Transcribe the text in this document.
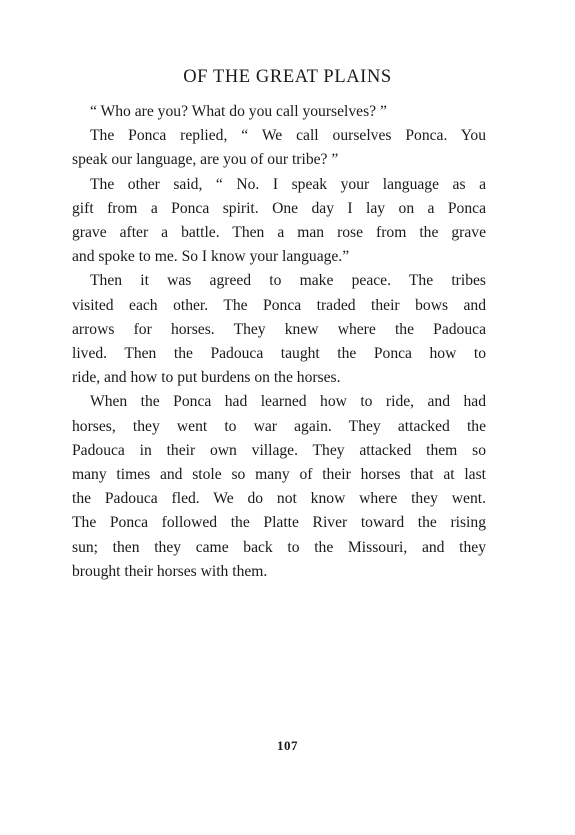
OF THE GREAT PLAINS

“ Who are you? What do you call yourselves? ”

The Ponca replied, “ We call ourselves Ponca. You
speak our language, are you of our tribe? ”

The other said, “ No. I speak your language as a
gift from a Ponca spirit. One day I lay on a Ponca
grave after a battle. Then a man rose from the grave
and spoke to me. So I know your language.”

Then it was agreed to make peace. The tribes
visited each other. The Ponca traded their bows and
arrows for horses. They knew where the Padouca
lived. Then the Padouca taught the Ponca how to
ride, and how to put burdens on the horses.

When the Ponca had learned how to ride, and had
horses, they went to war again. They attacked the
Padouca in their own village. They attacked them so
many times and stole so many of their horses that at last
the Padouca fled. We do not know where they went.
The Ponca followed the Platte River toward the rising
sun; then they came back to the Missouri, and they
brought their horses with them.

107
